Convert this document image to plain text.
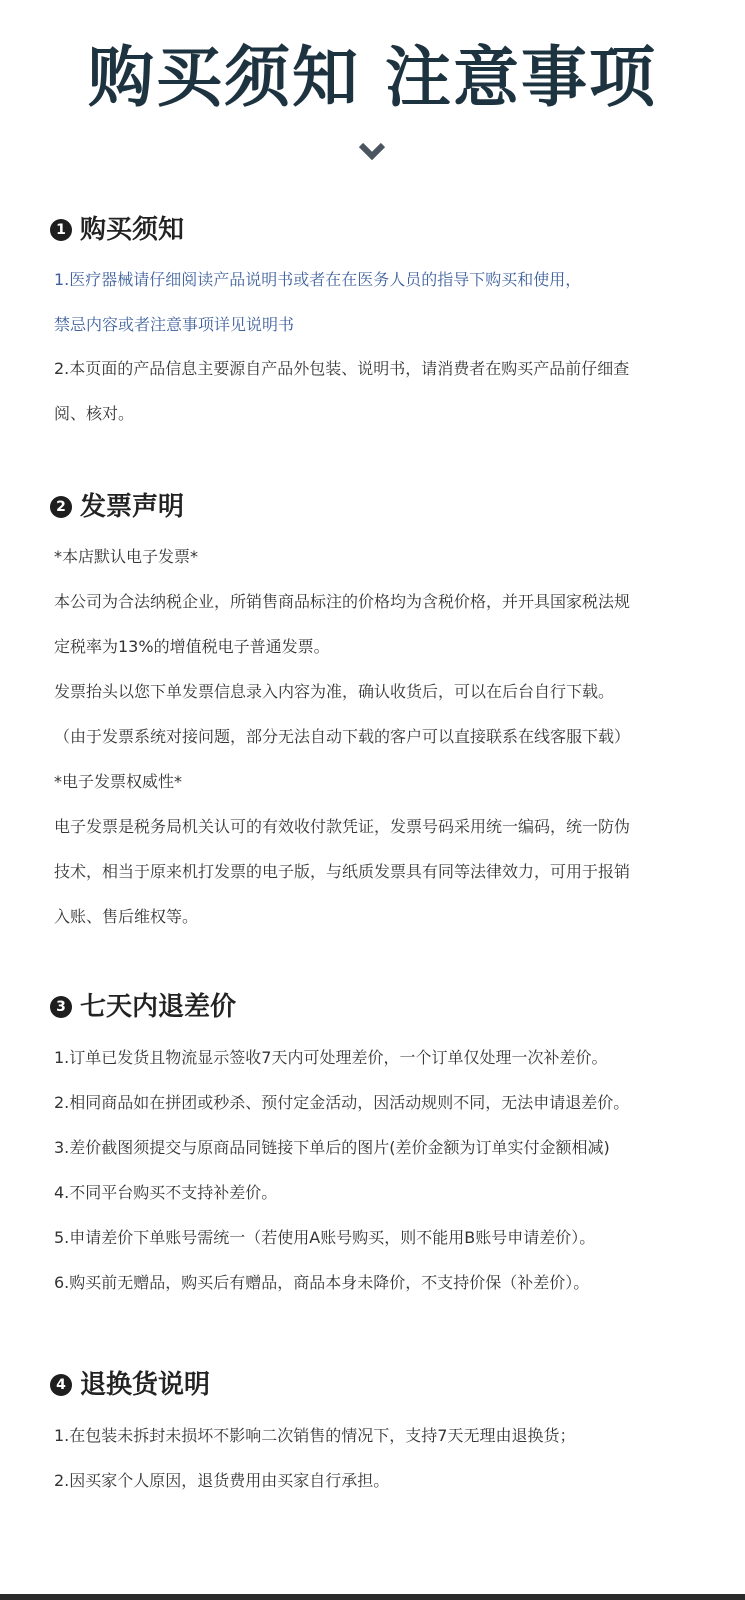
购买须知 注意事项
1 购买须知
1.医疗器械请仔细阅读产品说明书或者在在医务人员的指导下购买和使用，
禁忌内容或者注意事项详见说明书
2.本页面的产品信息主要源自产品外包装、说明书，请消费者在购买产品前仔细查
阅、核对。
2 发票声明
*本店默认电子发票*
本公司为合法纳税企业，所销售商品标注的价格均为含税价格，并开具国家税法规
定税率为13%的增值税电子普通发票。
发票抬头以您下单发票信息录入内容为准，确认收货后，可以在后台自行下载。
（由于发票系统对接问题，部分无法自动下载的客户可以直接联系在线客服下载）
*电子发票权威性*
电子发票是税务局机关认可的有效收付款凭证，发票号码采用统一编码，统一防伪
技术，相当于原来机打发票的电子版，与纸质发票具有同等法律效力，可用于报销
入账、售后维权等。
3 七天内退差价
1.订单已发货且物流显示签收7天内可处理差价，一个订单仅处理一次补差价。
2.相同商品如在拼团或秒杀、预付定金活动，因活动规则不同，无法申请退差价。
3.差价截图须提交与原商品同链接下单后的图片(差价金额为订单实付金额相减)
4.不同平台购买不支持补差价。
5.申请差价下单账号需统一（若使用A账号购买，则不能用B账号申请差价）。
6.购买前无赠品，购买后有赠品，商品本身未降价，不支持价保（补差价）。
4 退换货说明
1.在包装未拆封未损坏不影响二次销售的情况下，支持7天无理由退换货；
2.因买家个人原因，退货费用由买家自行承担。
